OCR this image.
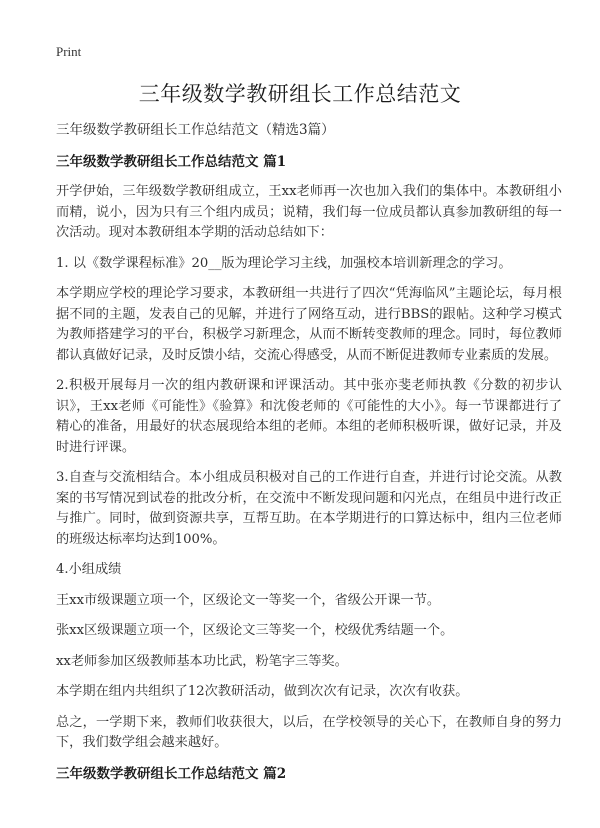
Print
三年级数学教研组长工作总结范文

三年级数学教研组长工作总结范文（精选3篇）

三年级数学教研组长工作总结范文 篇1

开学伊始，三年级数学教研组成立，王xx老师再一次也加入我们的集体中。本教研组小而精，说小，因为只有三个组内成员；说精，我们每一位成员都认真参加教研组的每一次活动。现对本教研组本学期的活动总结如下：

1. 以《数学课程标准》20__版为理论学习主线，加强校本培训新理念的学习。

本学期应学校的理论学习要求，本教研组一共进行了四次“凭海临风”主题论坛，每月根据不同的主题，发表自己的见解，并进行了网络互动，进行BBS的跟帖。这种学习模式为教师搭建学习的平台，积极学习新理念，从而不断转变教师的理念。同时，每位教师都认真做好记录，及时反馈小结，交流心得感受，从而不断促进教师专业素质的发展。

2.积极开展每月一次的组内教研课和评课活动。其中张亦斐老师执教《分数的初步认识》，王xx老师《可能性》《验算》和沈俊老师的《可能性的大小》。每一节课都进行了精心的准备，用最好的状态展现给本组的老师。本组的老师积极听课，做好记录，并及时进行评课。

3.自查与交流相结合。本小组成员积极对自己的工作进行自查，并进行讨论交流。从教案的书写情况到试卷的批改分析，在交流中不断发现问题和闪光点，在组员中进行改正与推广。同时，做到资源共享，互帮互助。在本学期进行的口算达标中，组内三位老师的班级达标率均达到100%。

4.小组成绩

王xx市级课题立项一个，区级论文一等奖一个，省级公开课一节。

张xx区级课题立项一个，区级论文三等奖一个，校级优秀结题一个。

xx老师参加区级教师基本功比武，粉笔字三等奖。

本学期在组内共组织了12次教研活动，做到次次有记录，次次有收获。

总之，一学期下来，教师们收获很大，以后，在学校领导的关心下，在教师自身的努力下，我们数学组会越来越好。

三年级数学教研组长工作总结范文 篇2
